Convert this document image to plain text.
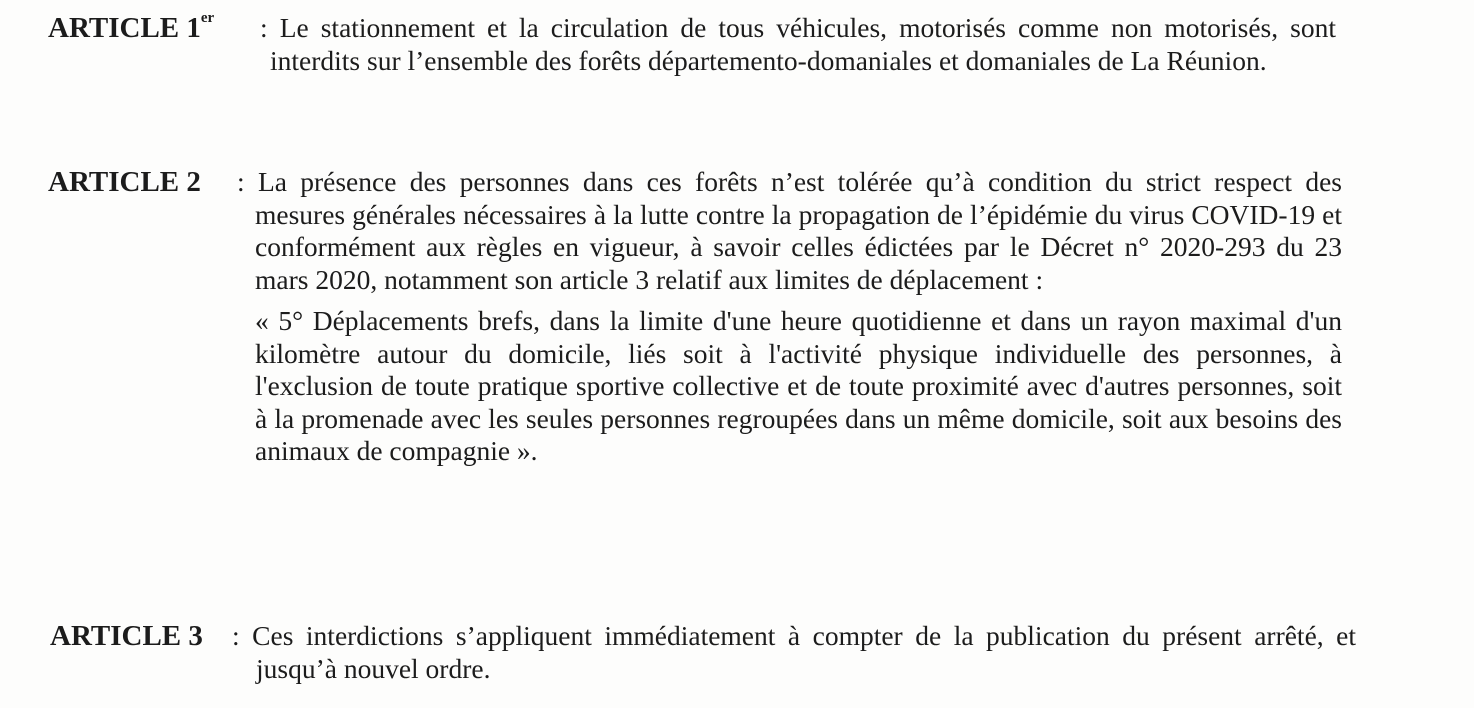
ARTICLE 1er : Le stationnement et la circulation de tous véhicules, motorisés comme non motorisés, sont interdits sur l’ensemble des forêts départemento-domaniales et domaniales de La Réunion.

ARTICLE 2 : La présence des personnes dans ces forêts n’est tolérée qu’à condition du strict respect des mesures générales nécessaires à la lutte contre la propagation de l’épidémie du virus COVID-19 et conformément aux règles en vigueur, à savoir celles édictées par le Décret n° 2020-293 du 23 mars 2020, notamment son article 3 relatif aux limites de déplacement :

« 5° Déplacements brefs, dans la limite d'une heure quotidienne et dans un rayon maximal d'un kilomètre autour du domicile, liés soit à l'activité physique individuelle des personnes, à l'exclusion de toute pratique sportive collective et de toute proximité avec d'autres personnes, soit à la promenade avec les seules personnes regroupées dans un même domicile, soit aux besoins des animaux de compagnie ».

ARTICLE 3 : Ces interdictions s’appliquent immédiatement à compter de la publication du présent arrêté, et jusqu’à nouvel ordre.
